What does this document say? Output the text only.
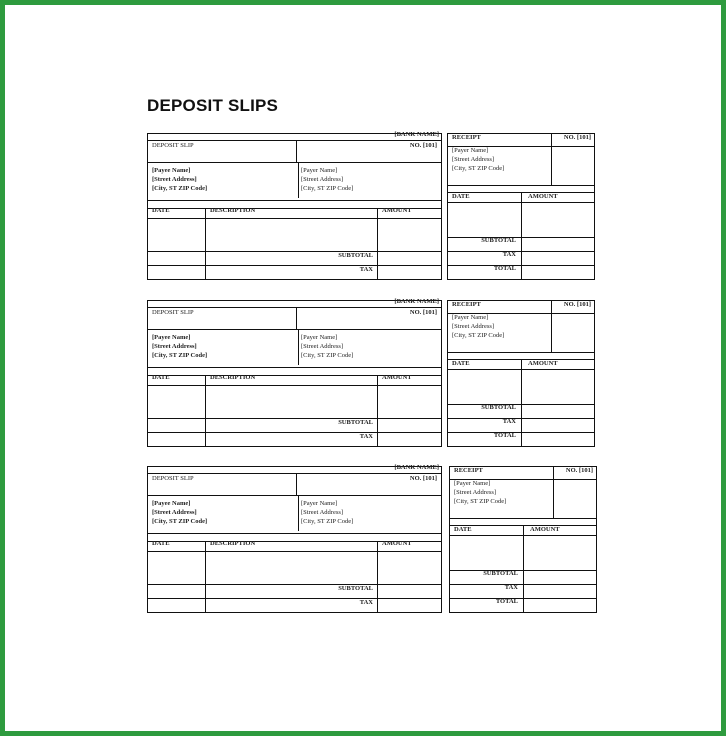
DEPOSIT SLIPS
[BANK NAME]
DEPOSIT SLIP	NO. [101]
[Payee Name]
[Street Address]
[City, ST ZIP Code]
[Payer Name]
[Street Address]
[City, ST ZIP Code]
DATE	DESCRIPTION	AMOUNT
SUBTOTAL
TAX
RECEIPT	NO. [101]
[Payer Name]
[Street Address]
[City, ST ZIP Code]
DATE	AMOUNT
SUBTOTAL
TAX
TOTAL
[BANK NAME]
DEPOSIT SLIP	NO. [101]
[Payee Name]
[Street Address]
[City, ST ZIP Code]
[Payer Name]
[Street Address]
[City, ST ZIP Code]
DATE	DESCRIPTION	AMOUNT
SUBTOTAL
TAX
RECEIPT	NO. [101]
[Payer Name]
[Street Address]
[City, ST ZIP Code]
DATE	AMOUNT
SUBTOTAL
TAX
TOTAL
[BANK NAME]
DEPOSIT SLIP	NO. [101]
[Payee Name]
[Street Address]
[City, ST ZIP Code]
[Payer Name]
[Street Address]
[City, ST ZIP Code]
DATE	DESCRIPTION	AMOUNT
SUBTOTAL
TAX
RECEIPT	NO. [101]
[Payer Name]
[Street Address]
[City, ST ZIP Code]
DATE	AMOUNT
SUBTOTAL
TAX
TOTAL
